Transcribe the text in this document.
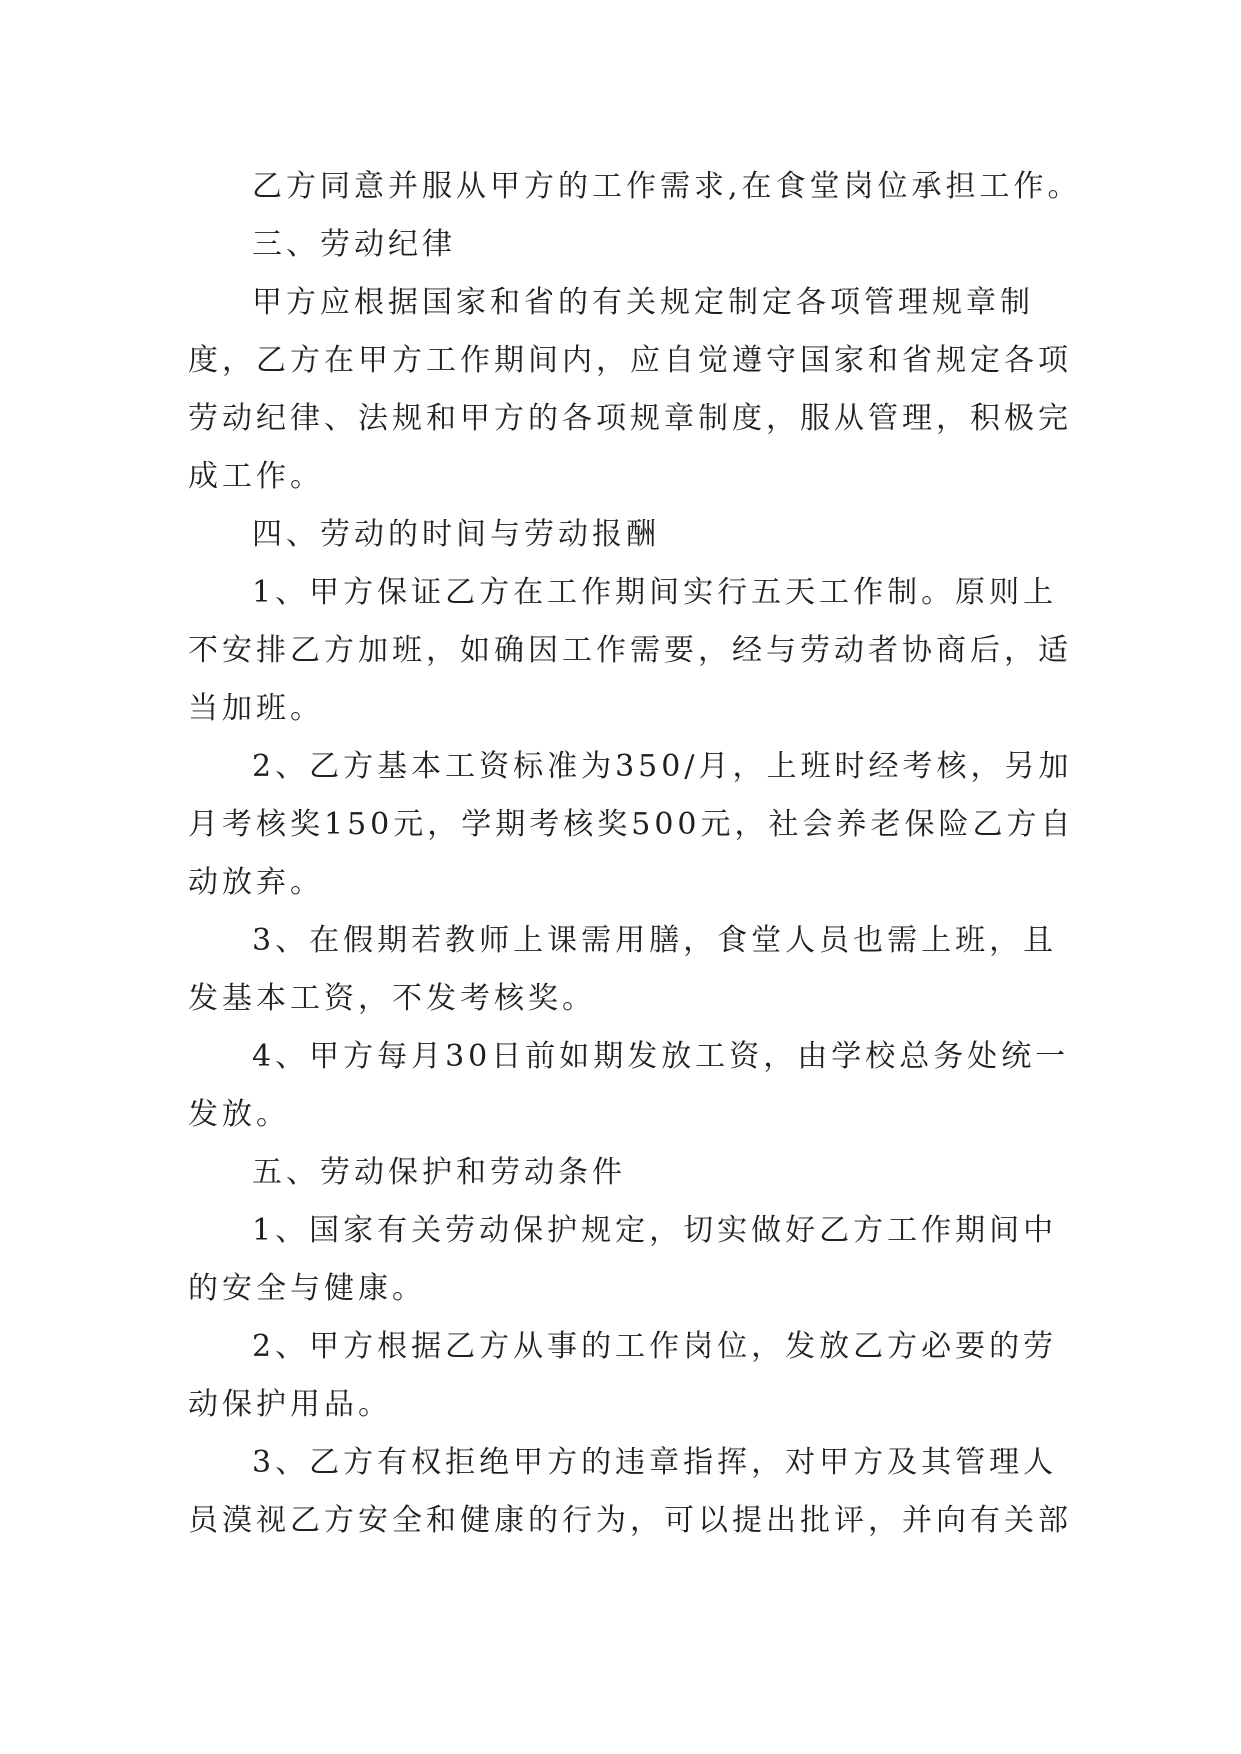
乙方同意并服从甲方的工作需求,在食堂岗位承担工作。
三、劳动纪律
甲方应根据国家和省的有关规定制定各项管理规章制
度，乙方在甲方工作期间内，应自觉遵守国家和省规定各项
劳动纪律、法规和甲方的各项规章制度，服从管理，积极完
成工作。
四、劳动的时间与劳动报酬
1、甲方保证乙方在工作期间实行五天工作制。原则上
不安排乙方加班，如确因工作需要，经与劳动者协商后，适
当加班。
2、乙方基本工资标准为350/月，上班时经考核，另加
月考核奖150元，学期考核奖500元，社会养老保险乙方自
动放弃。
3、在假期若教师上课需用膳，食堂人员也需上班，且
发基本工资，不发考核奖。
4、甲方每月30日前如期发放工资，由学校总务处统一
发放。
五、劳动保护和劳动条件
1、国家有关劳动保护规定，切实做好乙方工作期间中
的安全与健康。
2、甲方根据乙方从事的工作岗位，发放乙方必要的劳
动保护用品。
3、乙方有权拒绝甲方的违章指挥，对甲方及其管理人
员漠视乙方安全和健康的行为，可以提出批评，并向有关部
